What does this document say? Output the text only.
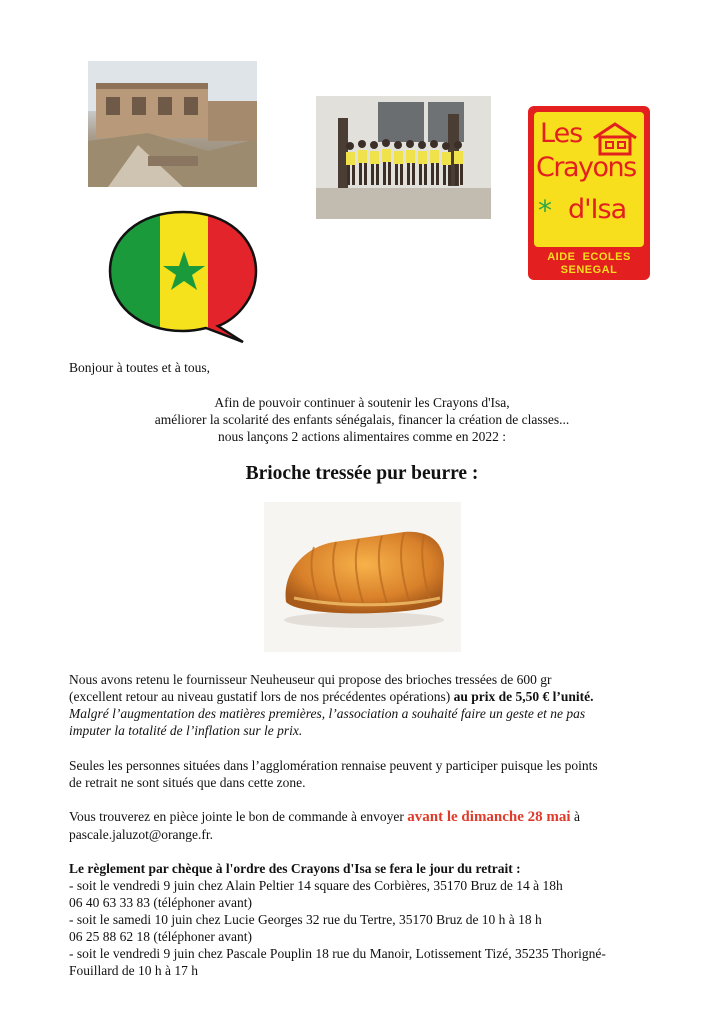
Les
Crayons
* d'Isa
AIDE  ECOLES
SENEGAL
Bonjour à toutes et à tous,
Afin de pouvoir continuer à soutenir les Crayons d'Isa,
améliorer la scolarité des enfants sénégalais, financer la création de classes...
nous lançons 2 actions alimentaires comme en 2022 :
Brioche tressée pur beurre :
Nous avons retenu le fournisseur Neuheuseur qui propose des brioches tressées de 600 gr
(excellent retour au niveau gustatif lors de nos précédentes opérations) au prix de 5,50 € l’unité.
Malgré l’augmentation des matières premières, l’association a souhaité faire un geste et ne pas
imputer la totalité de l’inflation sur le prix.
Seules les personnes situées dans l’agglomération rennaise peuvent y participer puisque les points
de retrait ne sont situés que dans cette zone.
Vous trouverez en pièce jointe le bon de commande à envoyer avant le dimanche 28 mai à
pascale.jaluzot@orange.fr.
Le règlement par chèque à l'ordre des Crayons d'Isa se fera le jour du retrait :
- soit le vendredi 9 juin chez Alain Peltier 14 square des Corbières, 35170 Bruz de 14 à 18h
06 40 63 33 83 (téléphoner avant)
- soit le samedi 10 juin chez Lucie Georges 32 rue du Tertre, 35170 Bruz de 10 h à 18 h
06 25 88 62 18 (téléphoner avant)
- soit le vendredi 9 juin chez Pascale Pouplin 18 rue du Manoir, Lotissement Tizé, 35235 Thorigné-
Fouillard de 10 h à 17 h
